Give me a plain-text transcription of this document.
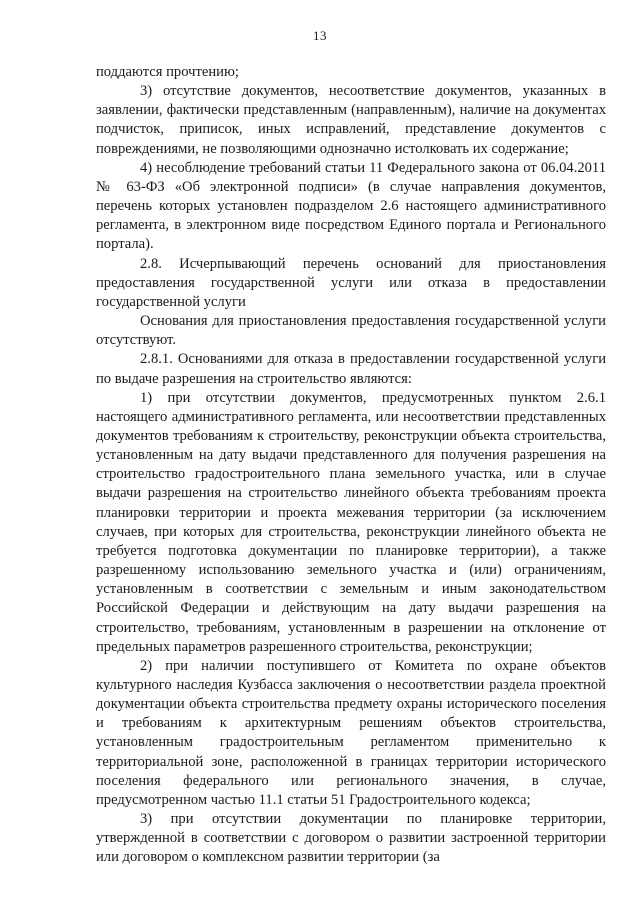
13

поддаются прочтению;

3) отсутствие документов, несоответствие документов, указанных в заявлении, фактически представленным (направленным), наличие на документах подчисток, приписок, иных исправлений, представление документов с повреждениями, не позволяющими однозначно истолковать их содержание;

4) несоблюдение требований статьи 11 Федерального закона от 06.04.2011 № 63-ФЗ «Об электронной подписи» (в случае направления документов, перечень которых установлен подразделом 2.6 настоящего административного регламента, в электронном виде посредством Единого портала и Регионального портала).

2.8. Исчерпывающий перечень оснований для приостановления предоставления государственной услуги или отказа в предоставлении государственной услуги

Основания для приостановления предоставления государственной услуги отсутствуют.

2.8.1. Основаниями для отказа в предоставлении государственной услуги по выдаче разрешения на строительство являются:

1) при отсутствии документов, предусмотренных пунктом 2.6.1 настоящего административного регламента, или несоответствии представленных документов требованиям к строительству, реконструкции объекта строительства, установленным на дату выдачи представленного для получения разрешения на строительство градостроительного плана земельного участка, или в случае выдачи разрешения на строительство линейного объекта требованиям проекта планировки территории и проекта межевания территории (за исключением случаев, при которых для строительства, реконструкции линейного объекта не требуется подготовка документации по планировке территории), а также разрешенному использованию земельного участка и (или) ограничениям, установленным в соответствии с земельным и иным законодательством Российской Федерации и действующим на дату выдачи разрешения на строительство, требованиям, установленным в разрешении на отклонение от предельных параметров разрешенного строительства, реконструкции;

2) при наличии поступившего от Комитета по охране объектов культурного наследия Кузбасса заключения о несоответствии раздела проектной документации объекта строительства предмету охраны исторического поселения и требованиям к архитектурным решениям объектов строительства, установленным градостроительным регламентом применительно к территориальной зоне, расположенной в границах территории исторического поселения федерального или регионального значения, в случае, предусмотренном частью 11.1 статьи 51 Градостроительного кодекса;

3) при отсутствии документации по планировке территории, утвержденной в соответствии с договором о развитии застроенной территории или договором о комплексном развитии территории (за
